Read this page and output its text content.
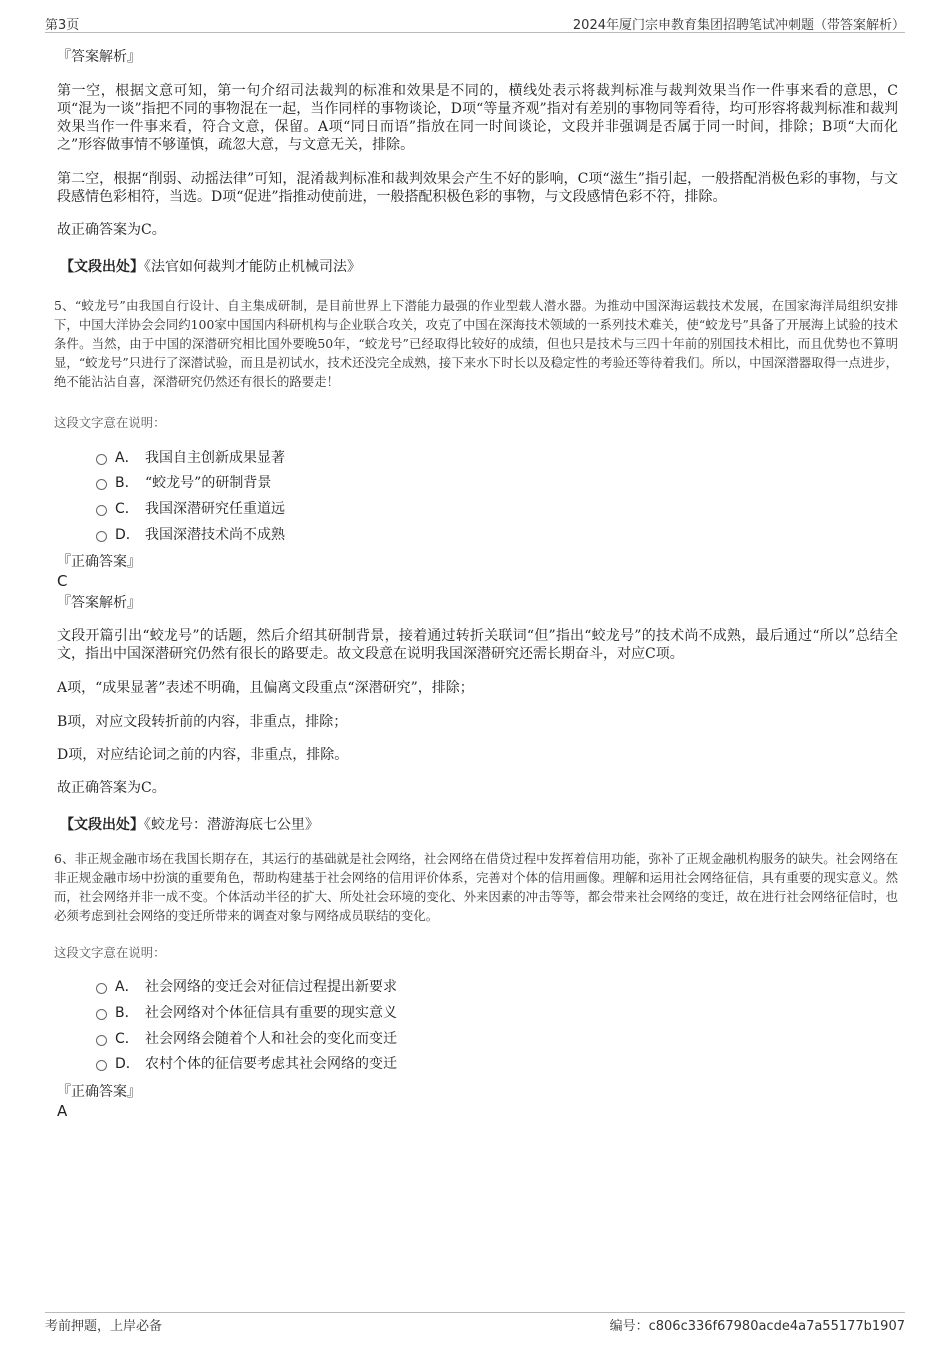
第3页	2024年厦门宗申教育集团招聘笔试冲刺题（带答案解析）
『答案解析』

第一空，根据文意可知，第一句介绍司法裁判的标准和效果是不同的，横线处表示将裁判标准与裁判效果当作一件事来看的意思，C项“混为一谈”指把不同的事物混在一起，当作同样的事物谈论，D项“等量齐观”指对有差别的事物同等看待，均可形容将裁判标准和裁判效果当作一件事来看，符合文意，保留。A项“同日而语”指放在同一时间谈论，文段并非强调是否属于同一时间，排除；B项“大而化之”形容做事情不够谨慎，疏忽大意，与文意无关，排除。

第二空，根据“削弱、动摇法律”可知，混淆裁判标准和裁判效果会产生不好的影响，C项“滋生”指引起，一般搭配消极色彩的事物，与文段感情色彩相符，当选。D项“促进”指推动使前进，一般搭配积极色彩的事物，与文段感情色彩不符，排除。

故正确答案为C。

【文段出处】《法官如何裁判才能防止机械司法》

5、“蛟龙号”由我国自行设计、自主集成研制，是目前世界上下潜能力最强的作业型载人潜水器。为推动中国深海运载技术发展，在国家海洋局组织安排下，中国大洋协会会同约100家中国国内科研机构与企业联合攻关，攻克了中国在深海技术领域的一系列技术难关，使“蛟龙号”具备了开展海上试验的技术条件。当然，由于中国的深潜研究相比国外要晚50年，“蛟龙号”已经取得比较好的成绩，但也只是技术与三四十年前的别国技术相比，而且优势也不算明显，“蛟龙号”只进行了深潜试验，而且是初试水，技术还没完全成熟，接下来水下时长以及稳定性的考验还等待着我们。所以，中国深潜器取得一点进步，绝不能沾沾自喜，深潜研究仍然还有很长的路要走！

这段文字意在说明：
A． 我国自主创新成果显著
B． “蛟龙号”的研制背景
C． 我国深潜研究任重道远
D． 我国深潜技术尚不成熟
『正确答案』
C
『答案解析』

文段开篇引出“蛟龙号”的话题，然后介绍其研制背景，接着通过转折关联词“但”指出“蛟龙号”的技术尚不成熟，最后通过“所以”总结全文，指出中国深潜研究仍然有很长的路要走。故文段意在说明我国深潜研究还需长期奋斗，对应C项。

A项，“成果显著”表述不明确，且偏离文段重点“深潜研究”，排除；

B项，对应文段转折前的内容，非重点，排除；

D项，对应结论词之前的内容，非重点，排除。

故正确答案为C。

【文段出处】《蛟龙号：潜游海底七公里》

6、非正规金融市场在我国长期存在，其运行的基础就是社会网络，社会网络在借贷过程中发挥着信用功能，弥补了正规金融机构服务的缺失。社会网络在非正规金融市场中扮演的重要角色，帮助构建基于社会网络的信用评价体系，完善对个体的信用画像。理解和运用社会网络征信，具有重要的现实意义。然而，社会网络并非一成不变。个体活动半径的扩大、所处社会环境的变化、外来因素的冲击等等，都会带来社会网络的变迁，故在进行社会网络征信时，也必须考虑到社会网络的变迁所带来的调查对象与网络成员联结的变化。

这段文字意在说明：
A． 社会网络的变迁会对征信过程提出新要求
B． 社会网络对个体征信具有重要的现实意义
C． 社会网络会随着个人和社会的变化而变迁
D． 农村个体的征信要考虑其社会网络的变迁
『正确答案』
A
考前押题，上岸必备	编号：c806c336f67980acde4a7a55177b1907
